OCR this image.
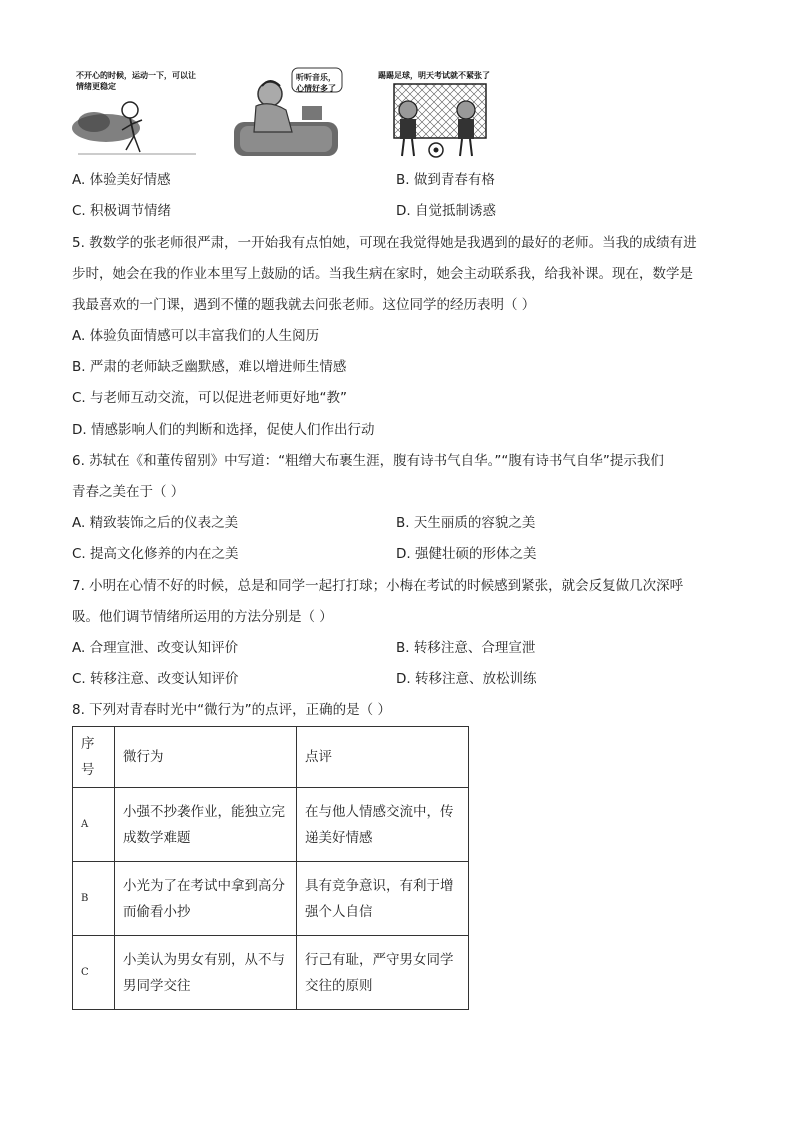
不开心的时候，运动一下，可以让情绪更稳定
听听音乐，心情好多了
踢踢足球，明天考试就不紧张了
A. 体验美好情感	B. 做到青春有格
C. 积极调节情绪	D. 自觉抵制诱惑
5. 教数学的张老师很严肃，一开始我有点怕她，可现在我觉得她是我遇到的最好的老师。当我的成绩有进
步时，她会在我的作业本里写上鼓励的话。当我生病在家时，她会主动联系我，给我补课。现在，数学是
我最喜欢的一门课，遇到不懂的题我就去问张老师。这位同学的经历表明（ ）
A. 体验负面情感可以丰富我们的人生阅历
B. 严肃的老师缺乏幽默感，难以增进师生情感
C. 与老师互动交流，可以促进老师更好地“教”
D. 情感影响人们的判断和选择，促使人们作出行动
6. 苏轼在《和董传留别》中写道：“粗缯大布裹生涯，腹有诗书气自华。”“腹有诗书气自华”提示我们
青春之美在于（ ）
A. 精致装饰之后的仪表之美	B. 天生丽质的容貌之美
C. 提高文化修养的内在之美	D. 强健壮硕的形体之美
7. 小明在心情不好的时候，总是和同学一起打打球；小梅在考试的时候感到紧张，就会反复做几次深呼
吸。他们调节情绪所运用的方法分别是（ ）
A. 合理宣泄、改变认知评价	B. 转移注意、合理宣泄
C. 转移注意、改变认知评价	D. 转移注意、放松训练
8. 下列对青春时光中“微行为”的点评，正确的是（ ）
序号	微行为	点评
A	小强不抄袭作业，能独立完成数学难题	在与他人情感交流中，传递美好情感
B	小光为了在考试中拿到高分而偷看小抄	具有竞争意识，有利于增强个人自信
C	小美认为男女有别，从不与男同学交往	行己有耻，严守男女同学交往的原则
